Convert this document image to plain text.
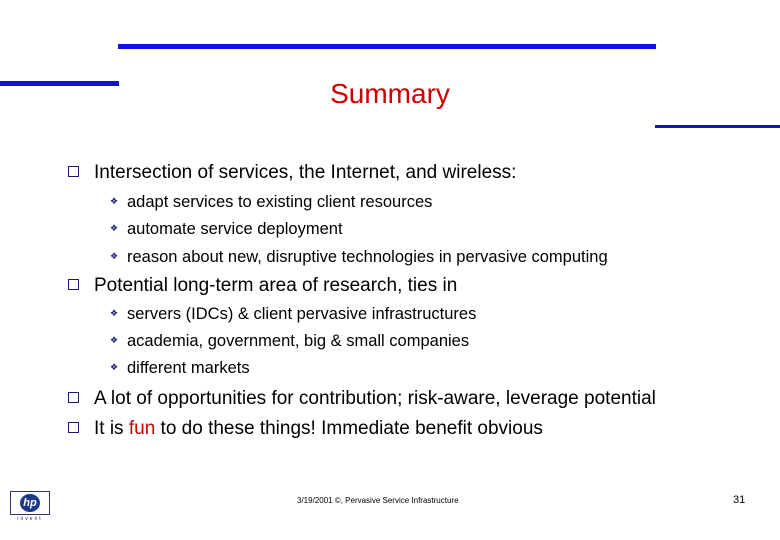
Summary
Intersection of services, the Internet, and wireless:
❖ adapt services to existing client resources
❖ automate service deployment
❖ reason about new, disruptive technologies in pervasive computing
Potential long-term area of research, ties in
❖ servers (IDCs) & client pervasive infrastructures
❖ academia, government, big & small companies
❖ different markets
A lot of opportunities for contribution; risk-aware, leverage potential
It is fun to do these things! Immediate benefit obvious
hp
invent
3/19/2001 ©, Pervasive Service Infrastructure	31
